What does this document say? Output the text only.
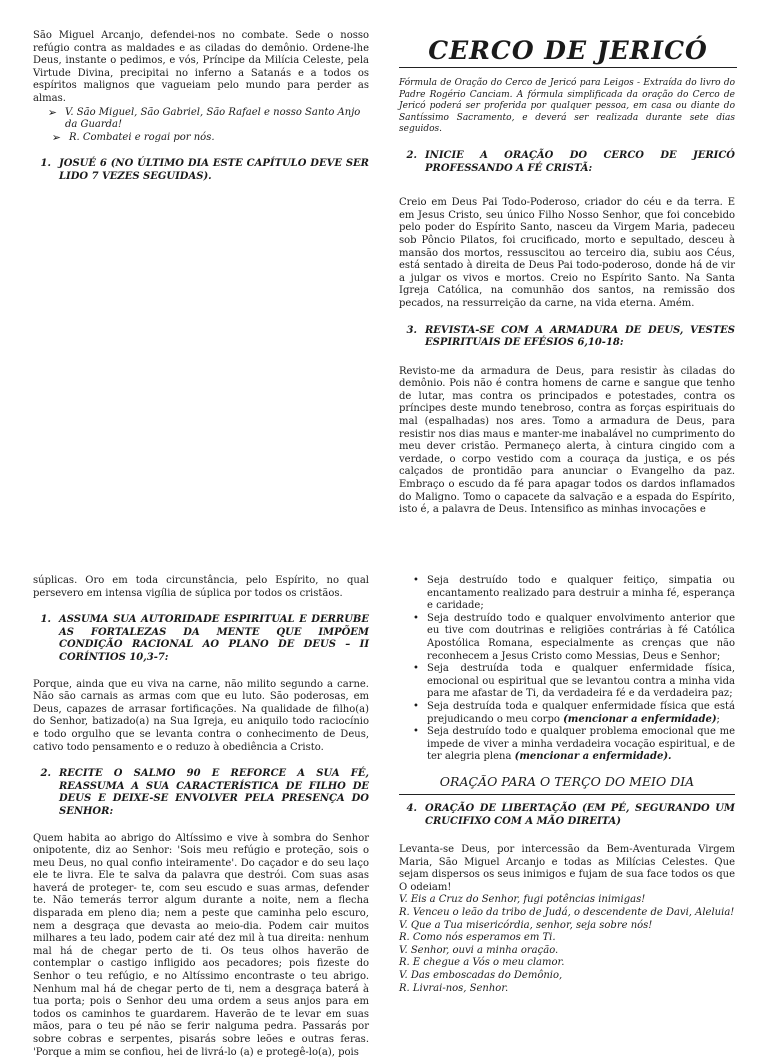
São Miguel Arcanjo, defendei-nos no combate. Sede o nosso refúgio contra as maldades e as ciladas do demônio. Ordene-lhe Deus, instante o pedimos, e vós, Príncipe da Milícia Celeste, pela Virtude Divina, precipitai no inferno a Satanás e a todos os espíritos malignos que vagueiam pelo mundo para perder as almas.

➢ V. São Miguel, São Gabriel, São Rafael e nosso Santo Anjo da Guarda!
➢ R. Combatei e rogai por nós.
1. JOSUÉ 6 (NO ÚLTIMO DIA ESTE CAPÍTULO DEVE SER LIDO 7 VEZES SEGUIDAS).
CERCO DE JERICÓ

Fórmula de Oração do Cerco de Jericó para Leigos - Extraída do livro do Padre Rogério Canciam. A fórmula simplificada da oração do Cerco de Jericó poderá ser proferida por qualquer pessoa, em casa ou diante do Santíssimo Sacramento, e deverá ser realizada durante sete dias seguidos.

2. INICIE A ORAÇÃO DO CERCO DE JERICÓ PROFESSANDO A FÉ CRISTÃ:

Creio em Deus Pai Todo-Poderoso, criador do céu e da terra. E em Jesus Cristo, seu único Filho Nosso Senhor, que foi concebido pelo poder do Espírito Santo, nasceu da Virgem Maria, padeceu sob Pôncio Pilatos, foi crucificado, morto e sepultado, desceu à mansão dos mortos, ressuscitou ao terceiro dia, subiu aos Céus, está sentado à direita de Deus Pai todo-poderoso, donde há de vir a julgar os vivos e mortos. Creio no Espírito Santo. Na Santa Igreja Católica, na comunhão dos santos, na remissão dos pecados, na ressurreição da carne, na vida eterna. Amém.

3. REVISTA-SE COM A ARMADURA DE DEUS, VESTES ESPIRITUAIS DE EFÉSIOS 6,10-18:

Revisto-me da armadura de Deus, para resistir às ciladas do demônio. Pois não é contra homens de carne e sangue que tenho de lutar, mas contra os principados e potestades, contra os príncipes deste mundo tenebroso, contra as forças espirituais do mal (espalhadas) nos ares. Tomo a armadura de Deus, para resistir nos dias maus e manter-me inabalável no cumprimento do meu dever cristão. Permaneço alerta, à cintura cingido com a verdade, o corpo vestido com a couraça da justiça, e os pés calçados de prontidão para anunciar o Evangelho da paz. Embraço o escudo da fé para apagar todos os dardos inflamados do Maligno. Tomo o capacete da salvação e a espada do Espírito, isto é, a palavra de Deus. Intensifico as minhas invocações e

súplicas. Oro em toda circunstância, pelo Espírito, no qual persevero em intensa vigília de súplica por todos os cristãos.

1. ASSUMA SUA AUTORIDADE ESPIRITUAL E DERRUBE AS FORTALEZAS DA MENTE QUE IMPÕEM CONDIÇÃO RACIONAL AO PLANO DE DEUS – II CORÍNTIOS 10,3-7:

Porque, ainda que eu viva na carne, não milito segundo a carne. Não são carnais as armas com que eu luto. São poderosas, em Deus, capazes de arrasar fortificações. Na qualidade de filho(a) do Senhor, batizado(a) na Sua Igreja, eu aniquilo todo raciocínio e todo orgulho que se levanta contra o conhecimento de Deus, cativo todo pensamento e o reduzo à obediência a Cristo.

2. RECITE O SALMO 90 E REFORCE A SUA FÉ, REASSUMA A SUA CARACTERÍSTICA DE FILHO DE DEUS E DEIXE-SE ENVOLVER PELA PRESENÇA DO SENHOR:

Quem habita ao abrigo do Altíssimo e vive à sombra do Senhor onipotente, diz ao Senhor: 'Sois meu refúgio e proteção, sois o meu Deus, no qual confio inteiramente'. Do caçador e do seu laço ele te livra. Ele te salva da palavra que destrói. Com suas asas haverá de proteger- te, com seu escudo e suas armas, defender te. Não temerás terror algum durante a noite, nem a flecha disparada em pleno dia; nem a peste que caminha pelo escuro, nem a desgraça que devasta ao meio-dia. Podem cair muitos milhares a teu lado, podem cair até dez mil à tua direita: nenhum mal há de chegar perto de ti. Os teus olhos haverão de contemplar o castigo infligido aos pecadores; pois fizeste do Senhor o teu refúgio, e no Altíssimo encontraste o teu abrigo. Nenhum mal há de chegar perto de ti, nem a desgraça baterá à tua porta; pois o Senhor deu uma ordem a seus anjos para em todos os caminhos te guardarem. Haverão de te levar em suas mãos, para o teu pé não se ferir nalguma pedra. Passarás por sobre cobras e serpentes, pisarás sobre leões e outras feras. 'Porque a mim se confiou, hei de livrá-lo (a) e protegê-lo(a), pois

• Seja destruído todo e qualquer feitiço, simpatia ou encantamento realizado para destruir a minha fé, esperança e caridade;
• Seja destruído todo e qualquer envolvimento anterior que eu tive com doutrinas e religiões contrárias à fé Católica Apostólica Romana, especialmente as crenças que não reconhecem a Jesus Cristo como Messias, Deus e Senhor;
• Seja destruída toda e qualquer enfermidade física, emocional ou espiritual que se levantou contra a minha vida para me afastar de Ti, da verdadeira fé e da verdadeira paz;
• Seja destruída toda e qualquer enfermidade física que está prejudicando o meu corpo (mencionar a enfermidade);
• Seja destruído todo e qualquer problema emocional que me impede de viver a minha verdadeira vocação espiritual, e de ter alegria plena (mencionar a enfermidade).
ORAÇÃO PARA O TERÇO DO MEIO DIA
4. ORAÇÃO DE LIBERTAÇÃO (EM PÉ, SEGURANDO UM CRUCIFIXO COM A MÃO DIREITA)

Levanta-se Deus, por intercessão da Bem-Aventurada Virgem Maria, São Miguel Arcanjo e todas as Milícias Celestes. Que sejam dispersos os seus inimigos e fujam de sua face todos os que O odeiam!

V. Eis a Cruz do Senhor, fugi potências inimigas!
R. Venceu o leão da tribo de Judá, o descendente de Davi, Aleluia!
V. Que a Tua misericórdia, senhor, seja sobre nós!
R. Como nós esperamos em Ti.
V. Senhor, ouvi a minha oração.
R. E chegue a Vós o meu clamor.
V. Das emboscadas do Demônio,
R. Livrai-nos, Senhor.
